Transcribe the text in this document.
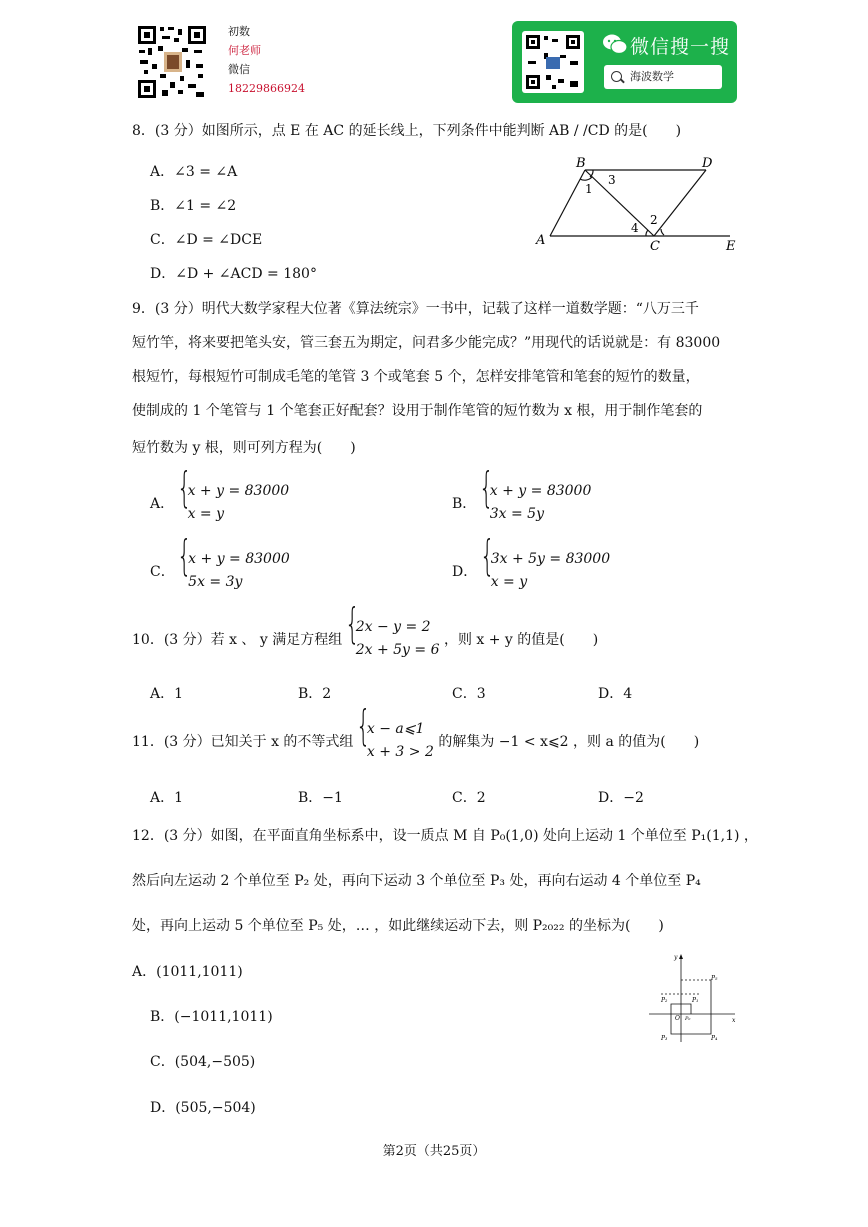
初数
何老师
微信
18229866924
微信搜一搜
海波数学
8．(3 分）如图所示，点 E 在 AC 的延长线上，下列条件中能判断 AB / /CD 的是(　　)
A．∠3 = ∠A
B．∠1 = ∠2
C．∠D = ∠DCE
D．∠D + ∠ACD = 180°
B	D
A	C	E
1
3
2
4
9．(3 分）明代大数学家程大位著《算法统宗》一书中，记载了这样一道数学题：“八万三千
短竹竿，将来要把笔头安，管三套五为期定，问君多少能完成？”用现代的话说就是：有 83000
根短竹，每根短竹可制成毛笔的笔管 3 个或笔套 5 个，怎样安排笔管和笔套的短竹的数量，
使制成的 1 个笔管与 1 个笔套正好配套？设用于制作笔管的短竹数为 x 根，用于制作笔套的
短竹数为 y 根，则可列方程为(　　)
A．
{ x + y = 83000
x = y
B．
{ x + y = 83000
3x = 5y
C．
{ x + y = 83000
5x = 3y
D．
{ 3x + 5y = 83000
x = y
10．(3 分）若 x 、 y 满足方程组
{ 2x − y = 2
2x + 5y = 6
，则 x + y 的值是(　　)
A．1	B．2	C．3	D．4
11．(3 分）已知关于 x 的不等式组
{ x − a⩽1
x + 3 > 2
的解集为 −1 < x⩽2 ，则 a 的值为(　　)
A．1	B．−1	C．2	D．−2
12．(3 分）如图，在平面直角坐标系中，设一质点 M 自 P₀(1,0) 处向上运动 1 个单位至 P₁(1,1) ，
然后向左运动 2 个单位至 P₂ 处，再向下运动 3 个单位至 P₃ 处，再向右运动 4 个单位至 P₄
处，再向上运动 5 个单位至 P₅ 处，… ，如此继续运动下去，则 P₂₀₂₂ 的坐标为(　　)
A．(1011,1011)
B．(−1011,1011)
C．(504,−505)
D．(505,−504)
y
x
O P₀
P₁
P₂
P₃	P₄
P₅
第2页（共25页）
